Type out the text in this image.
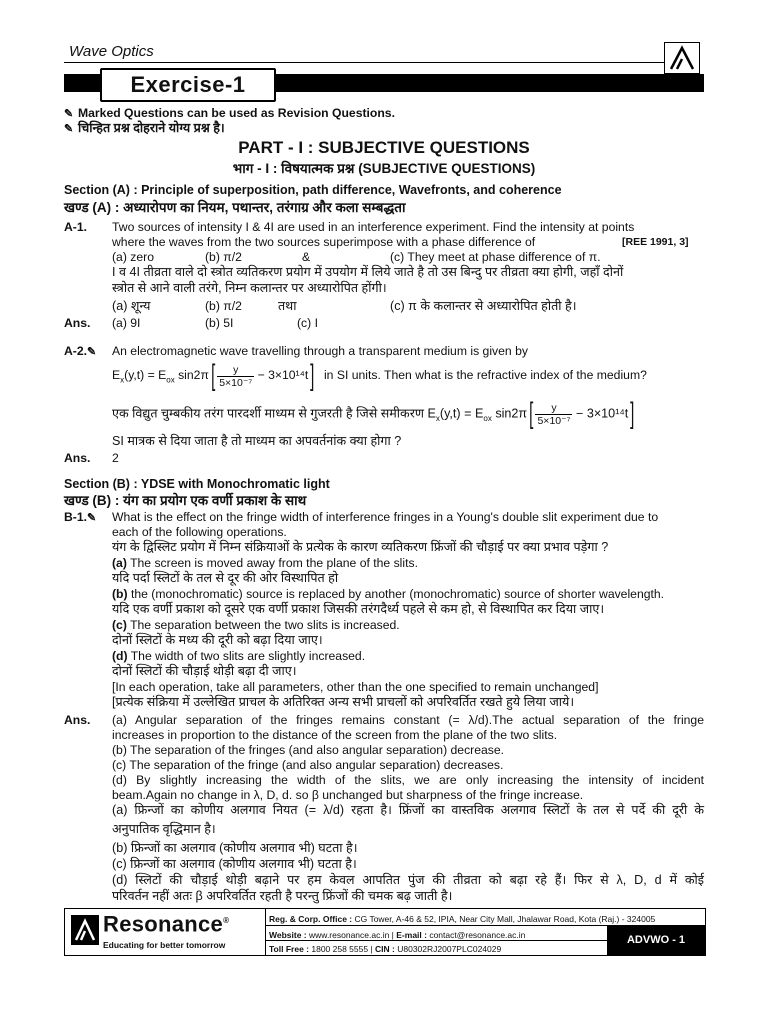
Wave Optics
Exercise-1
✎ Marked Questions can be used as Revision Questions.
✎ चिन्हित प्रश्न दोहराने योग्य प्रश्न है।
PART - I : SUBJECTIVE QUESTIONS
भाग - I : विषयात्मक प्रश्न (SUBJECTIVE QUESTIONS)
Section (A) : Principle of superposition, path difference, Wavefronts, and coherence
खण्ड (A) : अध्यारोपण का नियम, पथान्तर, तरंगाग्र और कला सम्बद्धता
A-1. Two sources of intensity I & 4I are used in an interference experiment. Find the intensity at points
where the waves from the two sources superimpose with a phase difference of	[REE 1991, 3]
(a) zero	(b) π/2	&	(c) They meet at phase difference of π.
I व 4I तीव्रता वाले दो स्त्रोत व्यतिकरण प्रयोग में उपयोग में लिये जाते है तो उस बिन्दु पर तीव्रता क्या होगी, जहाँ दोनों
स्त्रोत से आने वाली तरंगे, निम्न कलान्तर पर अध्यारोपित होंगी।
(a) शून्य	(b) π/2	तथा	(c) π के कलान्तर से अध्यारोपित होती है।
Ans. (a) 9I	(b) 5I	(c) I
A-2.✎	An electromagnetic wave travelling through a transparent medium is given by
$E_x(y,t) = E_{ox}$ $\sin 2\pi[ \frac{y}{\text{5×10⁻⁷}} - 3\times 10^{14}t]$ in SI units. Then what is the refractive index of the medium?
एक विद्युत चुम्बकीय तरंग पारदर्शी माध्यम से गुजरती है जिसे समीकरण $E_x(y,t) = E_{ox}$ $\sin 2\pi[ \frac{y}{\text{5×10⁻⁷}} - 3\times 10^{14}t]$
SI मात्रक से दिया जाता है तो माध्यम का अपवर्तनांक क्या होगा ?
Ans. 2
Section (B) : YDSE with Monochromatic light
खण्ड (B) : यंग का प्रयोग एक वर्णी प्रकाश के साथ
B-1.✎	What is the effect on the fringe width of interference fringes in a Young's double slit experiment due to
each of the following operations.
यंग के द्विस्लिट प्रयोग में निम्न संक्रियाओं के प्रत्येक के कारण व्यतिकरण फ्रिंजों की चौड़ाई पर क्या प्रभाव पड़ेगा ?
(a) The screen is moved away from the plane of the slits.
यदि पर्दा स्लिटों के तल से दूर की ओर विस्थापित हो
(b) the (monochromatic) source is replaced by another (monochromatic) source of shorter wavelength.
यदि एक वर्णी प्रकाश को दूसरे एक वर्णी प्रकाश जिसकी तरंगदैर्ध्य पहले से कम हो, से विस्थापित कर दिया जाए।
(c) The separation between the two slits is increased.
दोनों स्लिटों के मध्य की दूरी को बढ़ा दिया जाए।
(d) The width of two slits are slightly increased.
दोनों स्लिटों की चौड़ाई थोड़ी बढ़ा दी जाए।
[In each operation, take all parameters, other than the one specified to remain unchanged]
[प्रत्येक संक्रिया में उल्लेखित प्राचल के अतिरिक्त अन्य सभी प्राचलों को अपरिवर्तित रखते हुये लिया जाये।
Ans. (a) Angular separation of the fringes remains constant (= λ/d).The actual separation of the fringe
increases in proportion to the distance of the screen from the plane of the two slits.
(b) The separation of the fringes (and also angular separation) decrease.
(c) The separation of the fringe (and also angular separation) decreases.
(d) By slightly increasing the width of the slits, we are only increasing the intensity of incident
beam.Again no change in λ, D, d. so β unchanged but sharpness of the fringe increase.
(a) फ्रिन्जों का कोणीय अलगाव नियत (= λ/d) रहता है। फ्रिंजों का वास्तविक अलगाव स्लिटों के तल से पर्दे की दूरी के
अनुपातिक वृद्धिमान है।
(b) फ्रिन्जों का अलगाव (कोणीय अलगाव भी) घटता है।
(c) फ्रिन्जों का अलगाव (कोणीय अलगाव भी) घटता है।
(d) स्लिटों की चौड़ाई थोड़ी बढ़ाने पर हम केवल आपतित पुंज की तीव्रता को बढ़ा रहे हैं। फिर से λ, D, d में कोई
परिवर्तन नहीं अतः β अपरिवर्तित रहती है परन्तु फ्रिंजों की चमक बढ़ जाती है।
Resonance®
Educating for better tomorrow
Reg. & Corp. Office : CG Tower, A-46 & 52, IPIA, Near City Mall, Jhalawar Road, Kota (Raj.) - 324005
Website : www.resonance.ac.in | E-mail : contact@resonance.ac.in
Toll Free : 1800 258 5555 | CIN : U80302RJ2007PLC024029
ADVWO - 1
